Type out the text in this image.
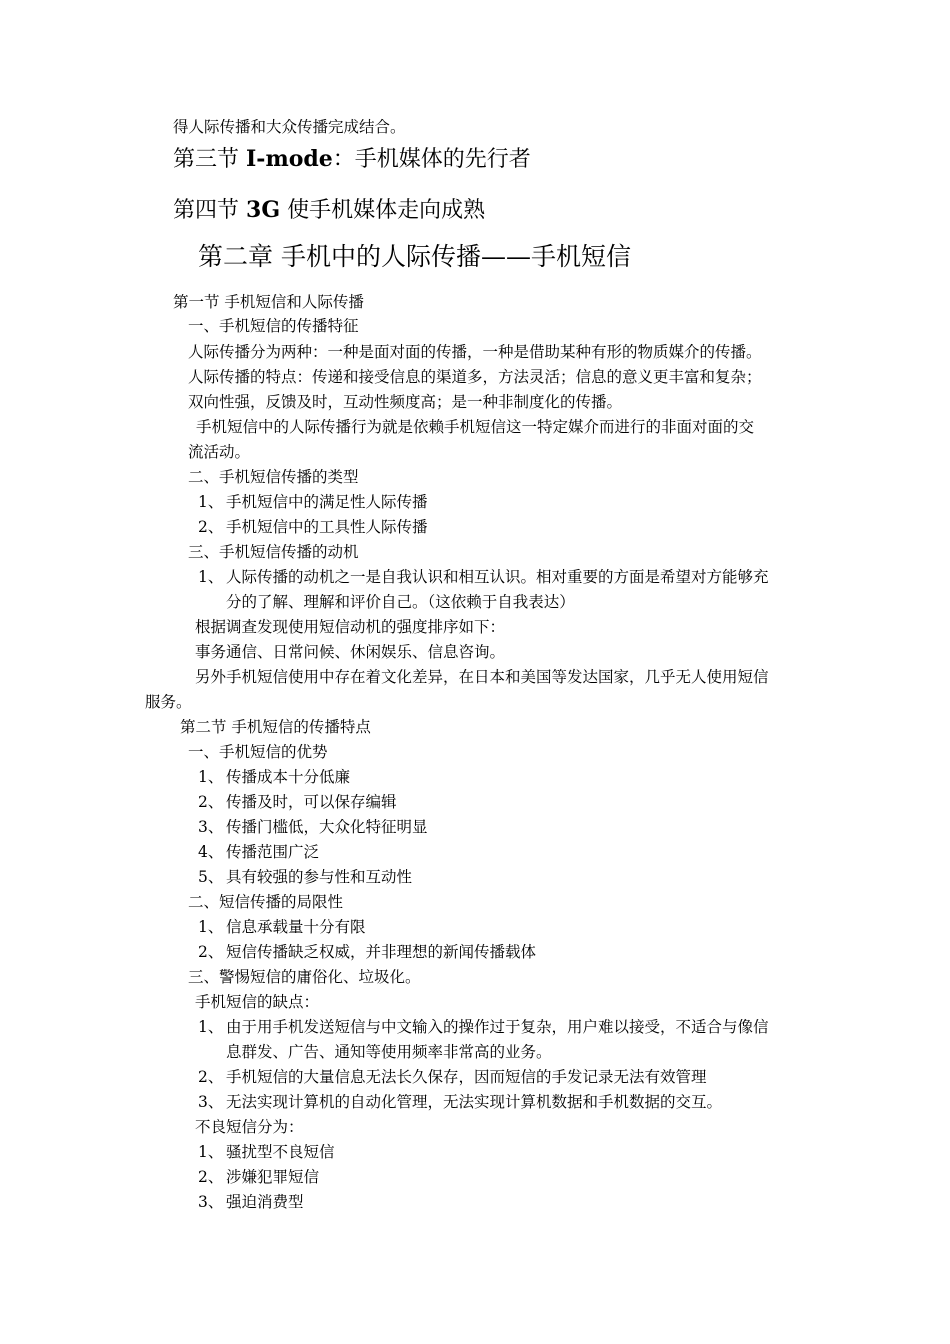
得人际传播和大众传播完成结合。
第三节 I-mode：手机媒体的先行者
第四节 3G 使手机媒体走向成熟
第二章 手机中的人际传播——手机短信
第一节 手机短信和人际传播
一、手机短信的传播特征
人际传播分为两种：一种是面对面的传播，一种是借助某种有形的物质媒介的传播。
人际传播的特点：传递和接受信息的渠道多，方法灵活；信息的意义更丰富和复杂；
双向性强，反馈及时，互动性频度高；是一种非制度化的传播。
手机短信中的人际传播行为就是依赖手机短信这一特定媒介而进行的非面对面的交
流活动。
二、手机短信传播的类型
1、 手机短信中的满足性人际传播
2、 手机短信中的工具性人际传播
三、手机短信传播的动机
1、 人际传播的动机之一是自我认识和相互认识。相对重要的方面是希望对方能够充
分的了解、理解和评价自己。（这依赖于自我表达）
根据调查发现使用短信动机的强度排序如下：
事务通信、日常问候、休闲娱乐、信息咨询。
另外手机短信使用中存在着文化差异，在日本和美国等发达国家，几乎无人使用短信
服务。
第二节 手机短信的传播特点
一、手机短信的优势
1、 传播成本十分低廉
2、 传播及时，可以保存编辑
3、 传播门槛低，大众化特征明显
4、 传播范围广泛
5、 具有较强的参与性和互动性
二、短信传播的局限性
1、 信息承载量十分有限
2、 短信传播缺乏权威，并非理想的新闻传播载体
三、警惕短信的庸俗化、垃圾化。
手机短信的缺点：
1、 由于用手机发送短信与中文输入的操作过于复杂，用户难以接受，不适合与像信
息群发、广告、通知等使用频率非常高的业务。
2、 手机短信的大量信息无法长久保存，因而短信的手发记录无法有效管理
3、 无法实现计算机的自动化管理，无法实现计算机数据和手机数据的交互。
不良短信分为：
1、 骚扰型不良短信
2、 涉嫌犯罪短信
3、 强迫消费型
